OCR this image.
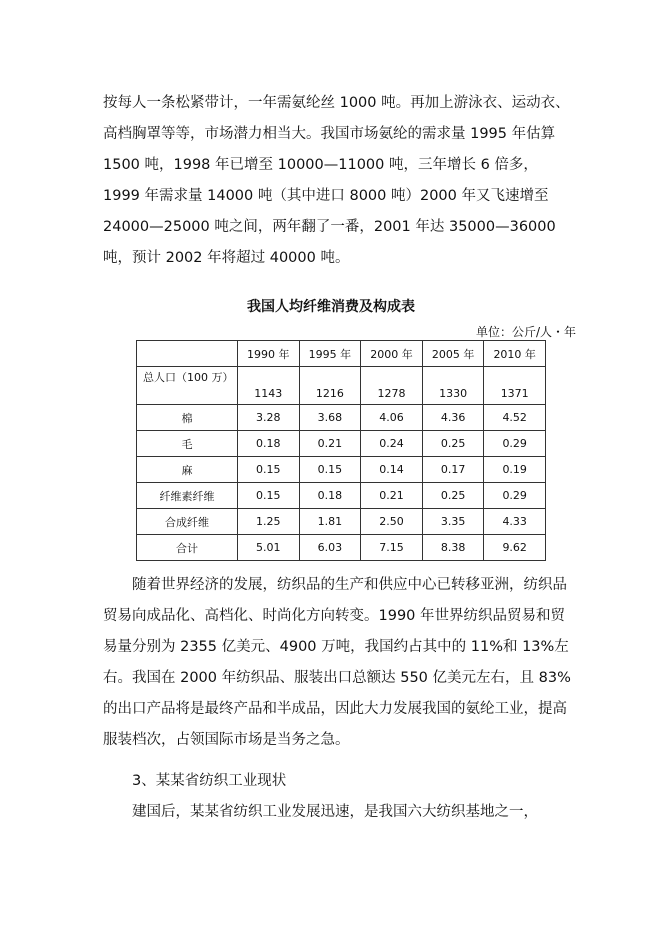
按每人一条松紧带计，一年需氨纶丝 1000 吨。再加上游泳衣、运动衣、高档胸罩等等，市场潜力相当大。我国市场氨纶的需求量 1995 年估算 1500 吨，1998 年已增至 10000—11000 吨，三年增长 6 倍多，1999 年需求量 14000 吨（其中进口 8000 吨）2000 年又飞速增至 24000—25000 吨之间，两年翻了一番，2001 年达 35000—36000 吨，预计 2002 年将超过 40000 吨。

我国人均纤维消费及构成表

单位：公斤/人・年

	1990 年	1995 年	2000 年	2005 年	2010 年
总人口（100 万）	1143	1216	1278	1330	1371
棉	3.28	3.68	4.06	4.36	4.52
毛	0.18	0.21	0.24	0.25	0.29
麻	0.15	0.15	0.14	0.17	0.19
纤维素纤维	0.15	0.18	0.21	0.25	0.29
合成纤维	1.25	1.81	2.50	3.35	4.33
合计	5.01	6.03	7.15	8.38	9.62

随着世界经济的发展，纺织品的生产和供应中心已转移亚洲，纺织品贸易向成品化、高档化、时尚化方向转变。1990 年世界纺织品贸易和贸易量分别为 2355 亿美元、4900 万吨，我国约占其中的 11%和 13%左右。我国在 2000 年纺织品、服装出口总额达 550 亿美元左右，且 83%的出口产品将是最终产品和半成品，因此大力发展我国的氨纶工业，提高服装档次，占领国际市场是当务之急。

3、某某省纺织工业现状

建国后，某某省纺织工业发展迅速，是我国六大纺织基地之一，
